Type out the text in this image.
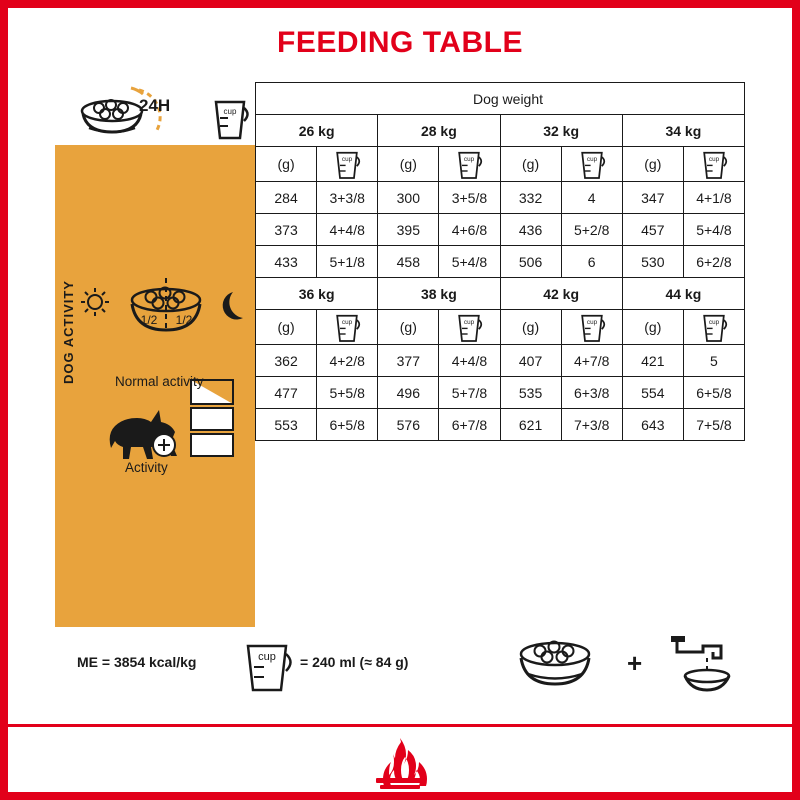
FEEDING TABLE
24H	cup
DOG ACTIVITY	1/2 1/2
Normal activity
Activity
Dog weight							
26 kg		28 kg		32 kg		34 kg	
(g)	cup	(g)	cup	(g)	cup	(g)	cup

284	3+3/8	300	3+5/8	332	4	347	4+1/8
373	4+4/8	395	4+6/8	436	5+2/8	457	5+4/8
433	5+1/8	458	5+4/8	506	6	530	6+2/8
36 kg		38 kg		42 kg		44 kg	
(g)	cup	(g)	cup	(g)	cup	(g)	cup

362	4+2/8	377	4+4/8	407	4+7/8	421	5
477	5+5/8	496	5+7/8	535	6+3/8	554	6+5/8
553	6+5/8	576	6+7/8	621	7+3/8	643	7+5/8
ME = 3854 kcal/kg	cup = 240 ml (≈ 84 g)	+
